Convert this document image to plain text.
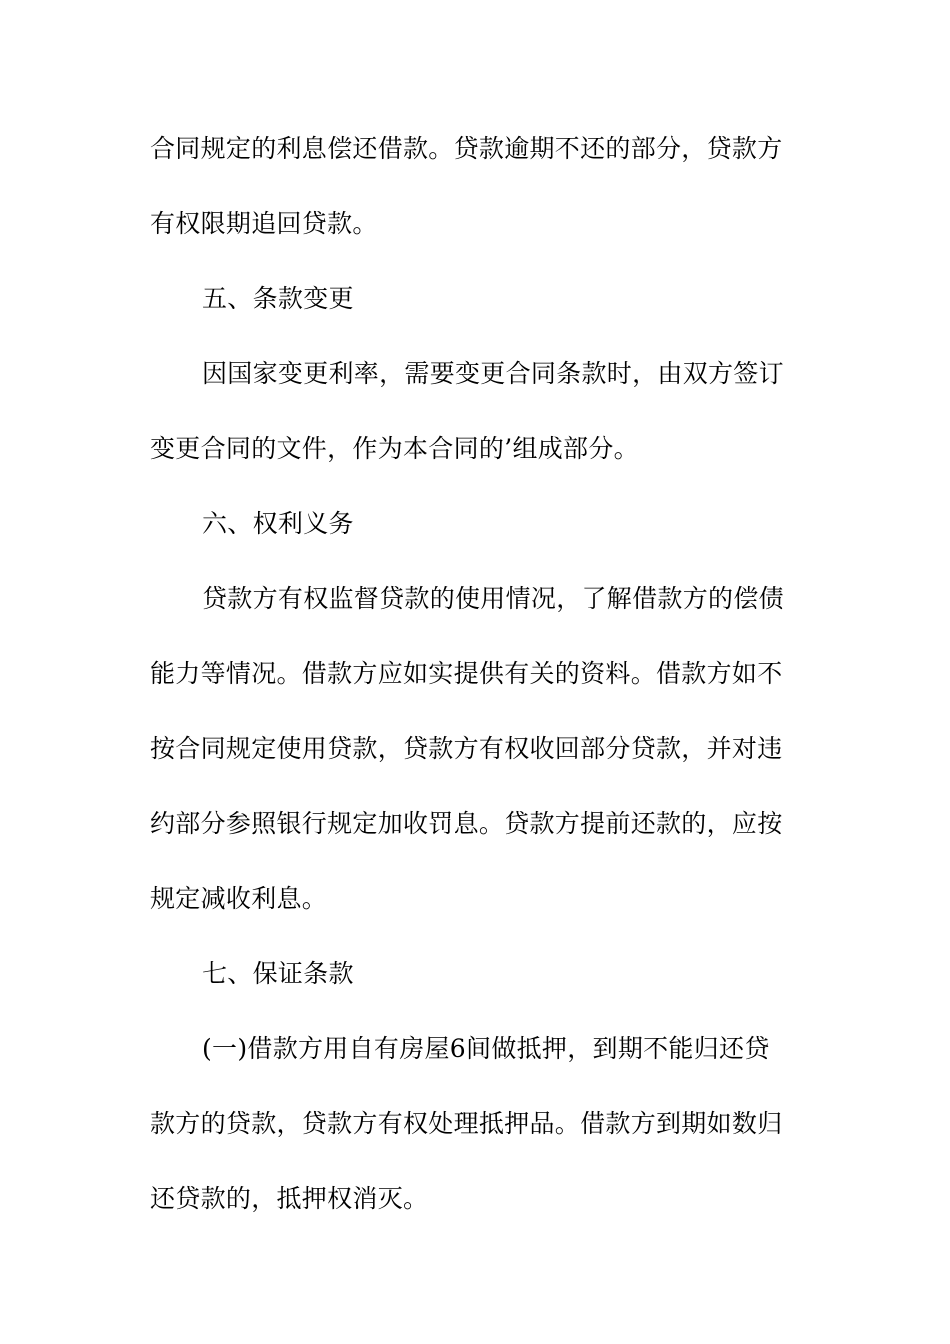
合同规定的利息偿还借款。贷款逾期不还的部分，贷款方
有权限期追回贷款。
五、条款变更
因国家变更利率，需要变更合同条款时，由双方签订
变更合同的文件，作为本合同的’组成部分。
六、权利义务
贷款方有权监督贷款的使用情况，了解借款方的偿债
能力等情况。借款方应如实提供有关的资料。借款方如不
按合同规定使用贷款，贷款方有权收回部分贷款，并对违
约部分参照银行规定加收罚息。贷款方提前还款的，应按
规定减收利息。
七、保证条款
(一)借款方用自有房屋6间做抵押，到期不能归还贷
款方的贷款，贷款方有权处理抵押品。借款方到期如数归
还贷款的，抵押权消灭。
